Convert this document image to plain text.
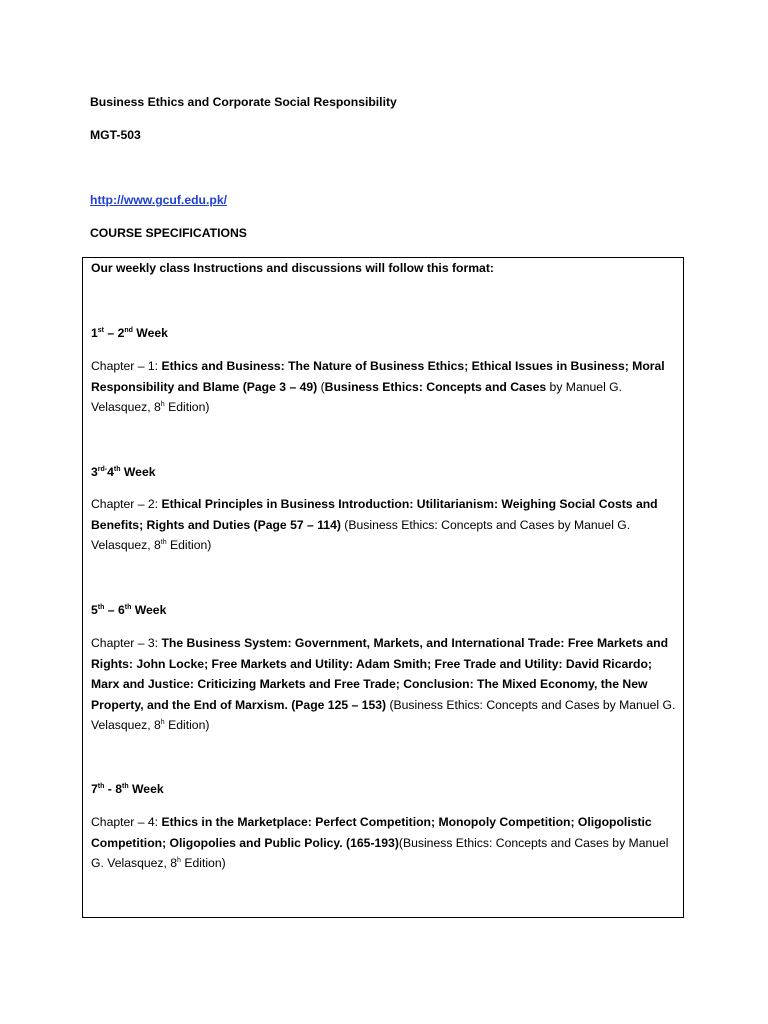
Business Ethics and Corporate Social Responsibility
MGT-503
http://www.gcuf.edu.pk/
COURSE SPECIFICATIONS
Our weekly class Instructions and discussions will follow this format:
1st – 2nd Week
Chapter – 1: Ethics and Business: The Nature of Business Ethics; Ethical Issues in Business; Moral Responsibility and Blame (Page 3 – 49) (Business Ethics: Concepts and Cases by Manuel G. Velasquez, 8$^h$ Edition)
$3^{rd-}4th$ Week
Chapter – 2: Ethical Principles in Business Introduction: Utilitarianism: Weighing Social Costs and Benefits; Rights and Duties (Page 57 – 114) (Business Ethics: Concepts and Cases by Manuel G. Velasquez, 8th Edition)
5th – 6th Week
Chapter – 3: The Business System: Government, Markets, and International Trade: Free Markets and Rights: John Locke; Free Markets and Utility: Adam Smith; Free Trade and Utility: David Ricardo; Marx and Justice: Criticizing Markets and Free Trade; Conclusion: The Mixed Economy, the New Property, and the End of Marxism. (Page 125 – 153) (Business Ethics: Concepts and Cases by Manuel G. Velasquez, 8$^h$ Edition)
7th - 8th Week
Chapter – 4: Ethics in the Marketplace: Perfect Competition; Monopoly Competition; Oligopolistic Competition; Oligopolies and Public Policy. (165-193)(Business Ethics: Concepts and Cases by Manuel G. Velasquez, 8$^h$ Edition)
